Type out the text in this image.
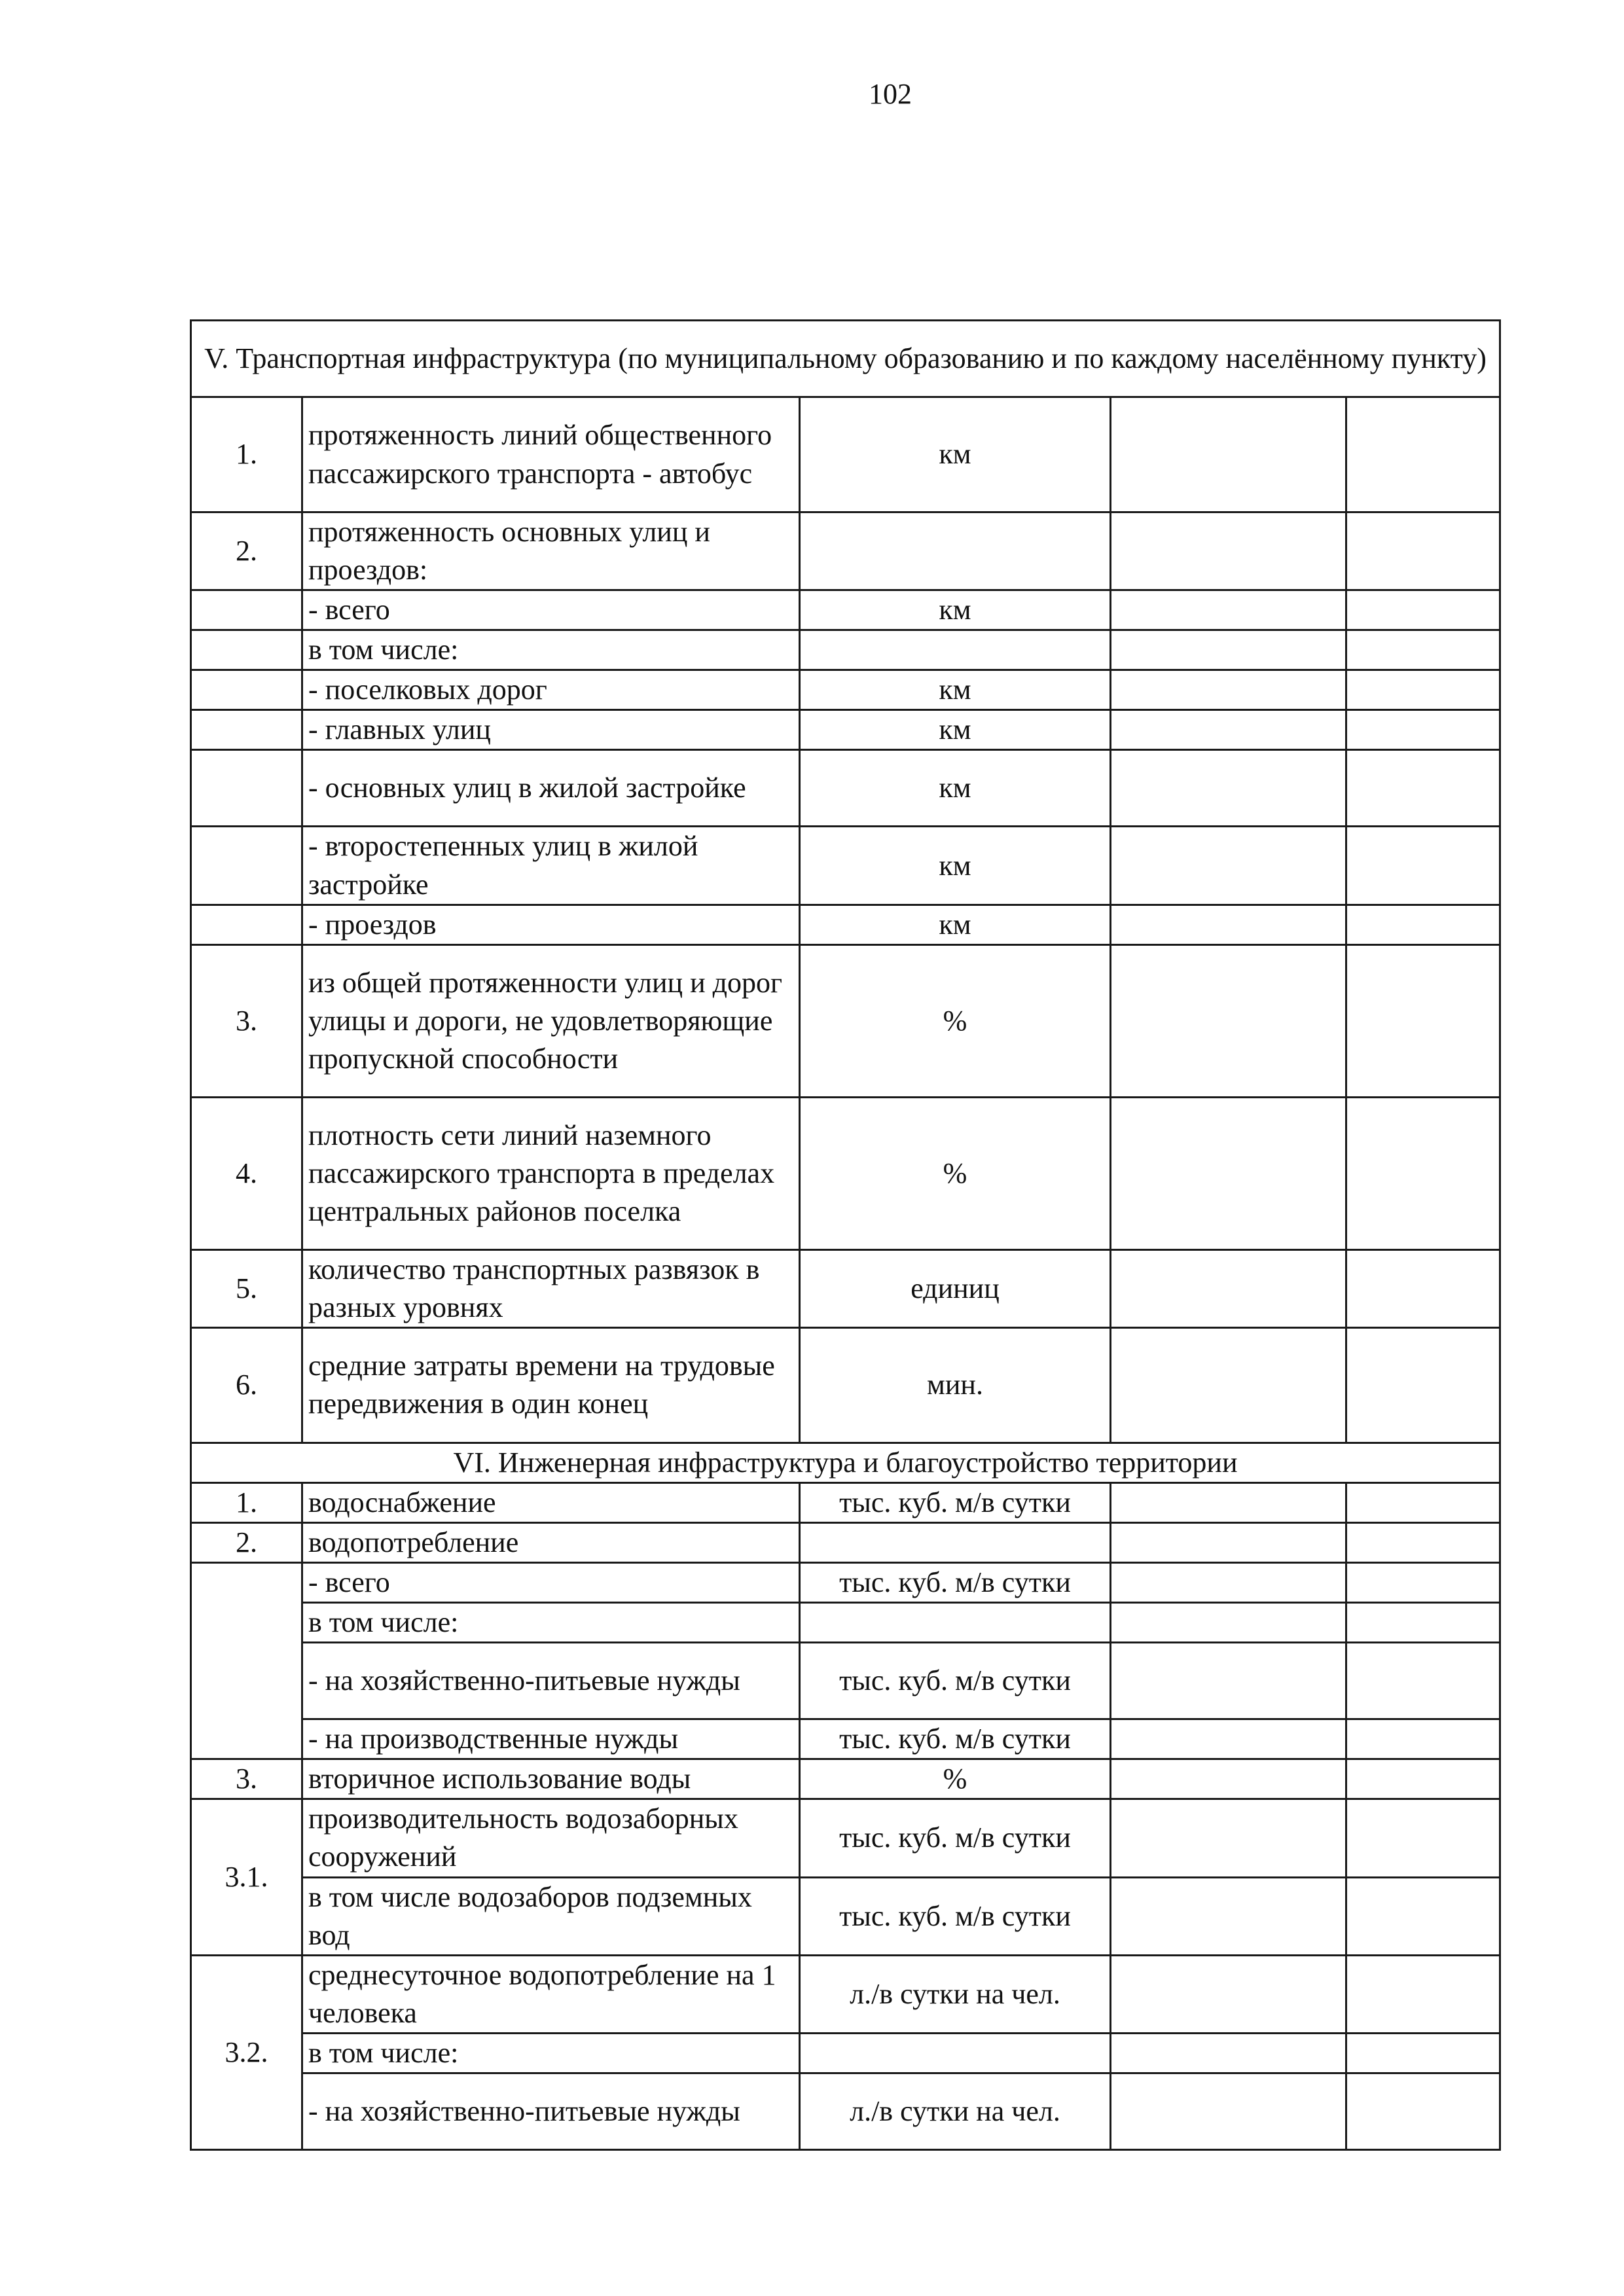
102
V. Транспортная инфраструктура (по муниципальному образованию и по каждому населённому пункту)				
1.	протяженность линий общественного пассажирского транспорта - автобус	км		
2.	протяженность основных улиц и проездов:			
	- всего	км		
	в том числе:			
	- поселковых дорог	км		
	- главных улиц	км		
	- основных улиц в жилой застройке	км		
	- второстепенных улиц в жилой застройке	км		
	- проездов	км		
3.	из общей протяженности улиц и дорог улицы и дороги, не удовлетворяющие пропускной способности	%		
4.	плотность сети линий наземного пассажирского транспорта в пределах центральных районов поселка	%		
5.	количество транспортных развязок в разных уровнях	единиц		
6.	средние затраты времени на трудовые передвижения в один конец	мин.		
VI. Инженерная инфраструктура и благоустройство территории				
1.	водоснабжение	тыс. куб. м/в сутки		
2.	водопотребление			
	- всего	тыс. куб. м/в сутки		
	в том числе:			
	- на хозяйственно-питьевые нужды	тыс. куб. м/в сутки		
	- на производственные нужды	тыс. куб. м/в сутки		
3.	вторичное использование воды	%		
3.1.	производительность водозаборных сооружений	тыс. куб. м/в сутки		
	в том числе водозаборов подземных вод	тыс. куб. м/в сутки		
3.2.	среднесуточное водопотребление на 1 человека	л./в сутки на чел.		
	в том числе:			
	- на хозяйственно-питьевые нужды	л./в сутки на чел.		
